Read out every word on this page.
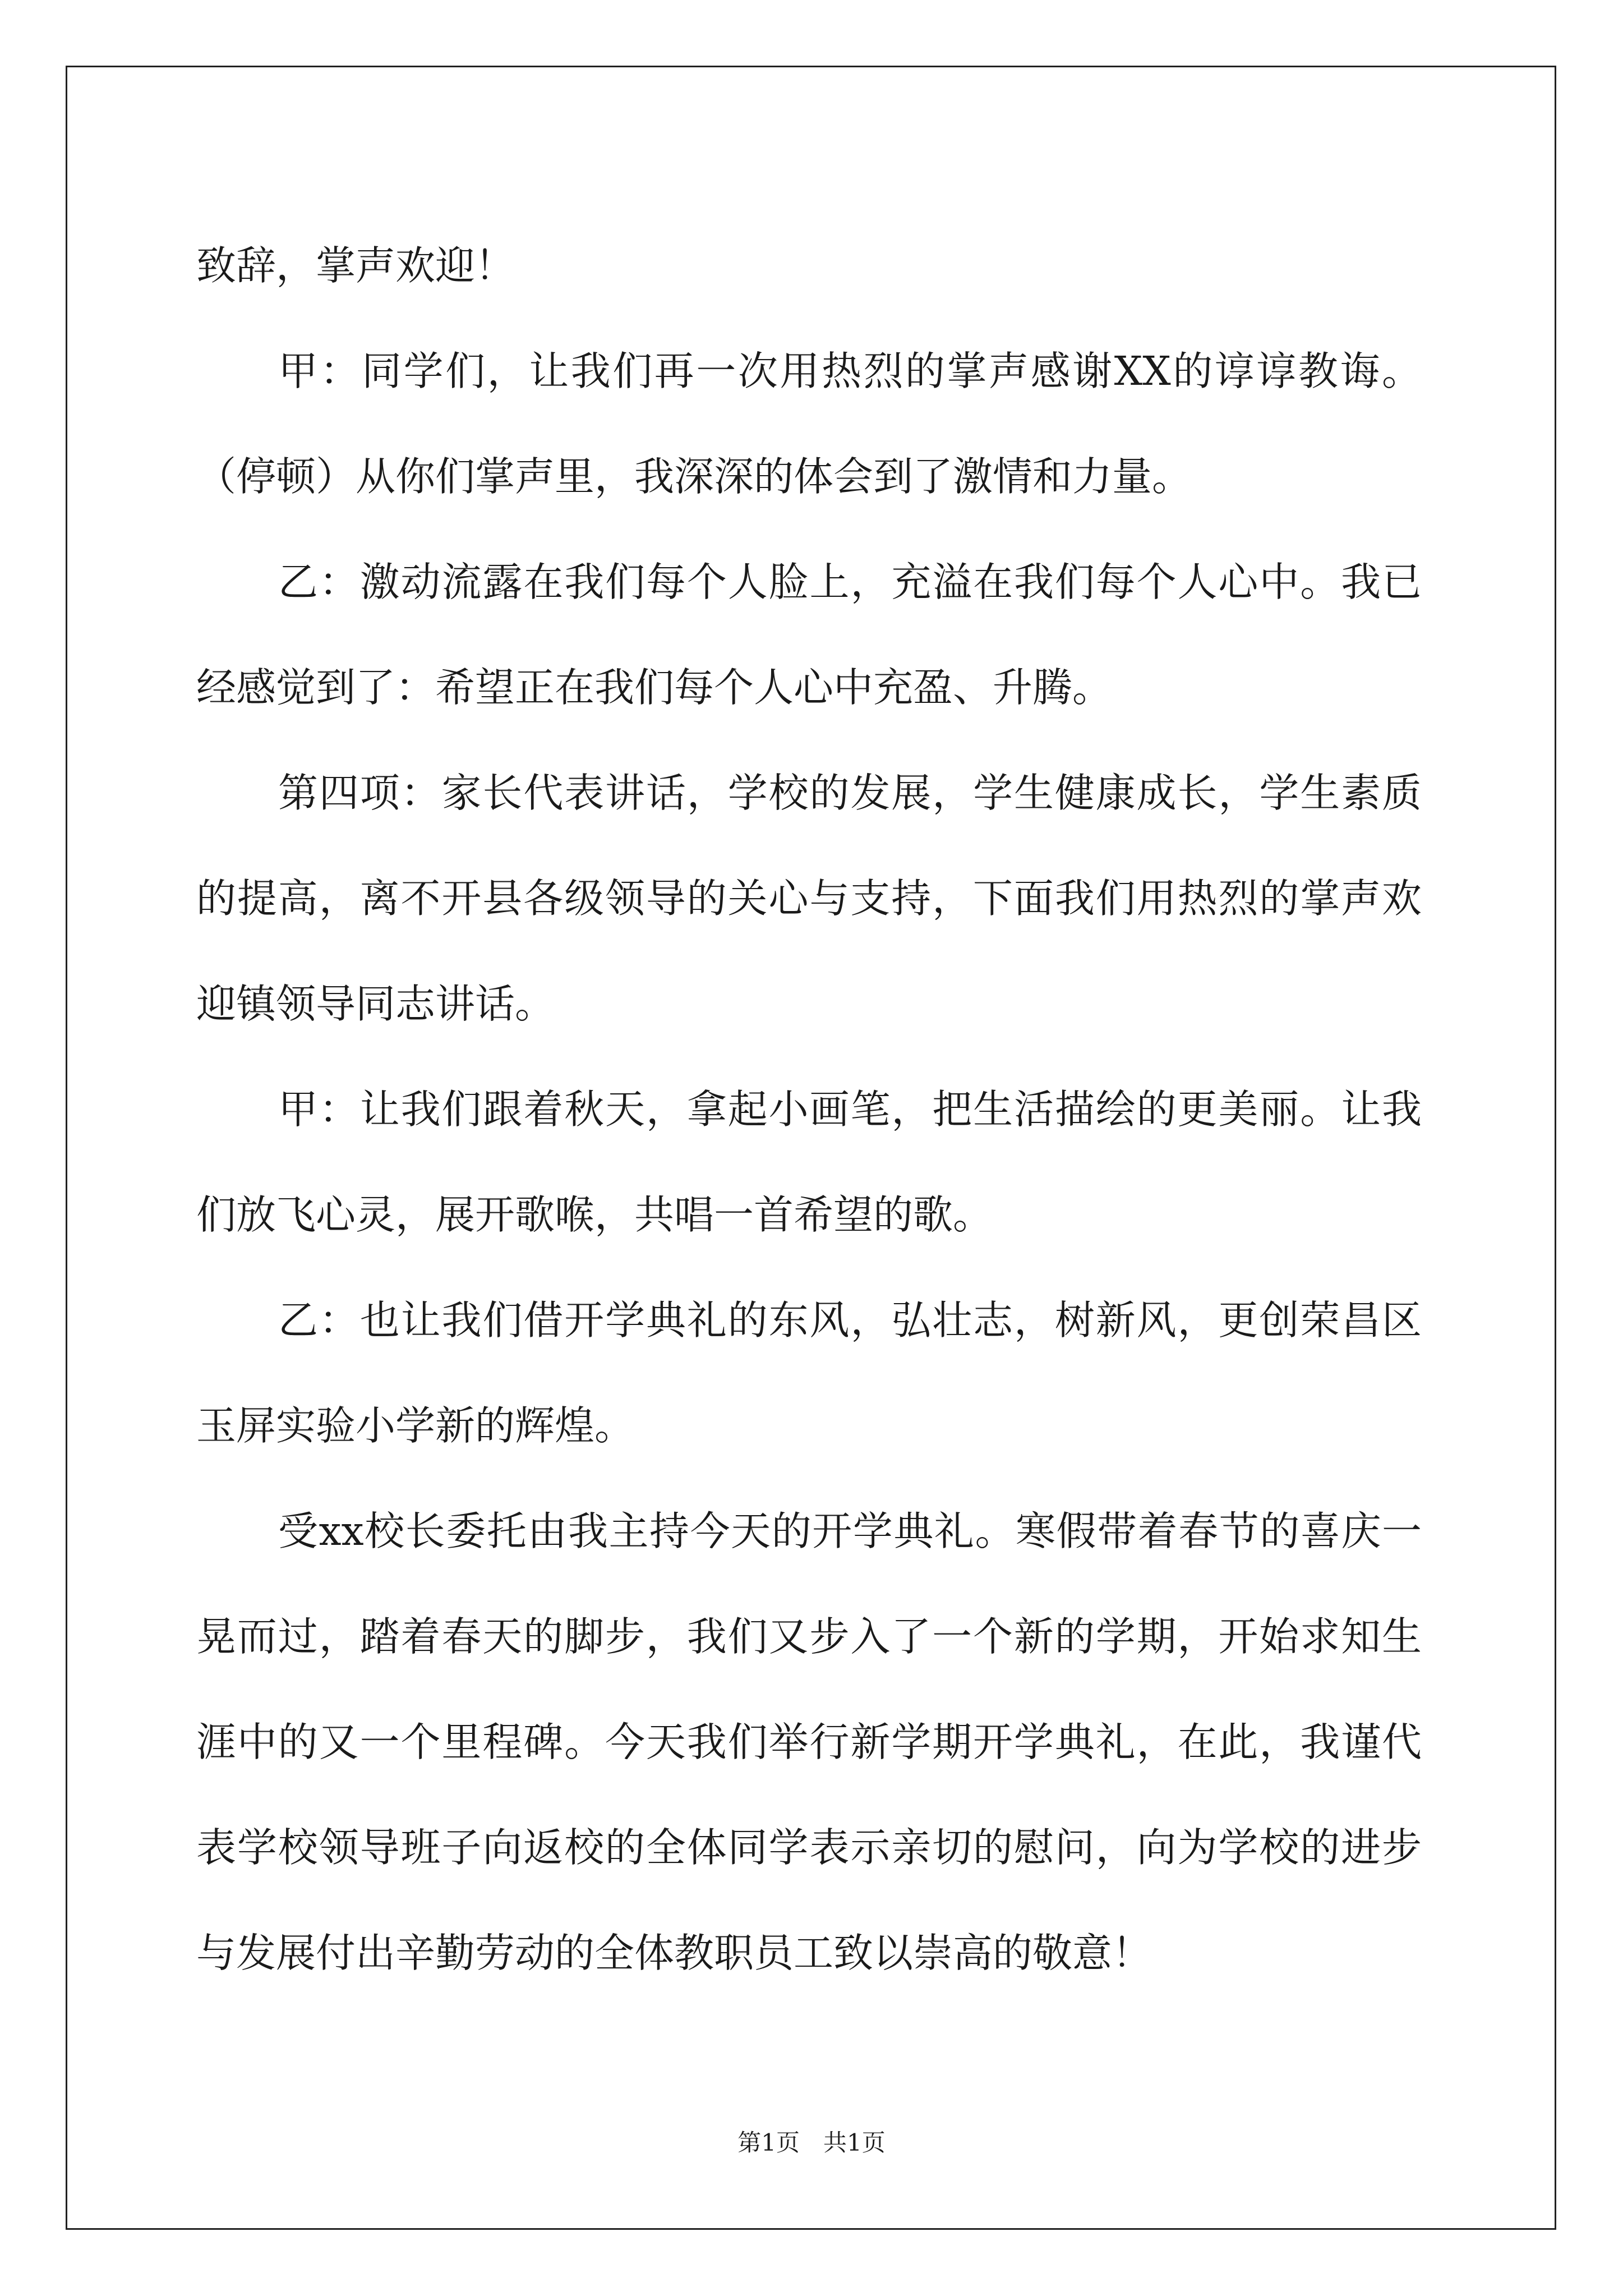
致辞，掌声欢迎！

甲：同学们，让我们再一次用热烈的掌声感谢XX的谆谆教诲。（停顿）从你们掌声里，我深深的体会到了激情和力量。

乙：激动流露在我们每个人脸上，充溢在我们每个人心中。我已经感觉到了：希望正在我们每个人心中充盈、升腾。

第四项：家长代表讲话，学校的发展，学生健康成长，学生素质的提高，离不开县各级领导的关心与支持，下面我们用热烈的掌声欢迎镇领导同志讲话。

甲：让我们跟着秋天，拿起小画笔，把生活描绘的更美丽。让我们放飞心灵，展开歌喉，共唱一首希望的歌。

乙：也让我们借开学典礼的东风，弘壮志，树新风，更创荣昌区玉屏实验小学新的辉煌。

受xx校长委托由我主持今天的开学典礼。寒假带着春节的喜庆一晃而过，踏着春天的脚步，我们又步入了一个新的学期，开始求知生涯中的又一个里程碑。今天我们举行新学期开学典礼，在此，我谨代表学校领导班子向返校的全体同学表示亲切的慰问，向为学校的进步与发展付出辛勤劳动的全体教职员工致以崇高的敬意！

第1页　共1页
